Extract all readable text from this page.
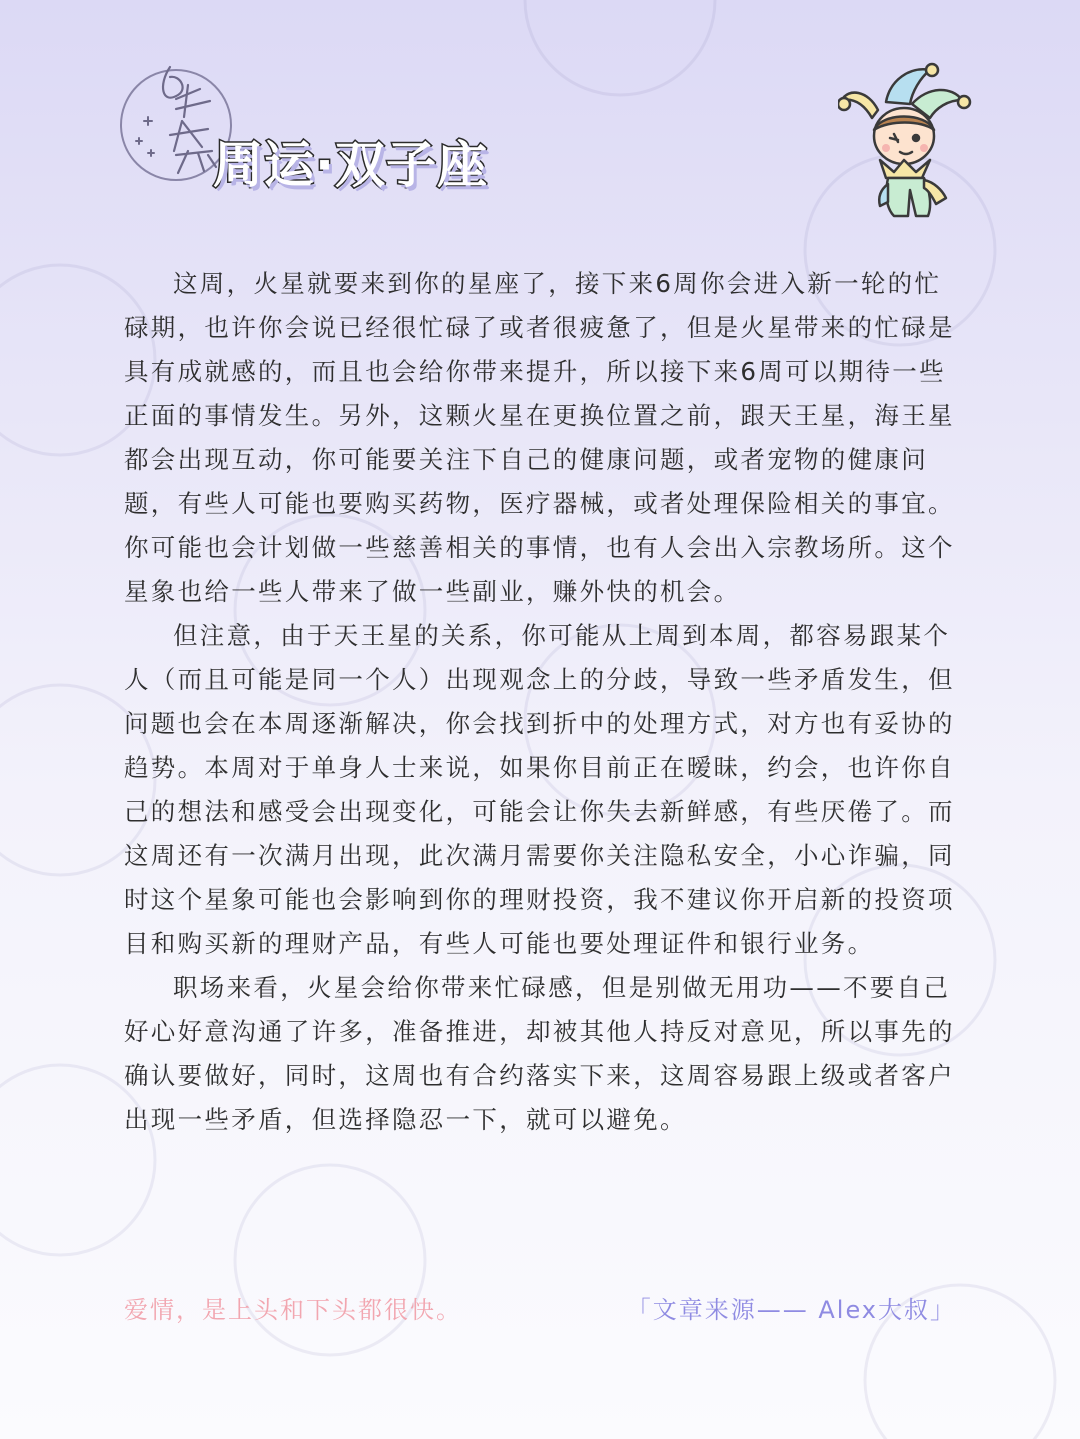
周运·双子座

这周，火星就要来到你的星座了，接下来6周你会进入新一轮的忙碌期，也许你会说已经很忙碌了或者很疲惫了，但是火星带来的忙碌是具有成就感的，而且也会给你带来提升，所以接下来6周可以期待一些正面的事情发生。另外，这颗火星在更换位置之前，跟天王星，海王星都会出现互动，你可能要关注下自己的健康问题，或者宠物的健康问题，有些人可能也要购买药物，医疗器械，或者处理保险相关的事宜。你可能也会计划做一些慈善相关的事情，也有人会出入宗教场所。这个星象也给一些人带来了做一些副业，赚外快的机会。

但注意，由于天王星的关系，你可能从上周到本周，都容易跟某个人（而且可能是同一个人）出现观念上的分歧，导致一些矛盾发生，但问题也会在本周逐渐解决，你会找到折中的处理方式，对方也有妥协的趋势。本周对于单身人士来说，如果你目前正在暧昧，约会，也许你自己的想法和感受会出现变化，可能会让你失去新鲜感，有些厌倦了。而这周还有一次满月出现，此次满月需要你关注隐私安全，小心诈骗，同时这个星象可能也会影响到你的理财投资，我不建议你开启新的投资项目和购买新的理财产品，有些人可能也要处理证件和银行业务。

职场来看，火星会给你带来忙碌感，但是别做无用功——不要自己好心好意沟通了许多，准备推进，却被其他人持反对意见，所以事先的确认要做好，同时，这周也有合约落实下来，这周容易跟上级或者客户出现一些矛盾，但选择隐忍一下，就可以避免。

爱情，是上头和下头都很快。	「文章来源—— Alex大叔」
